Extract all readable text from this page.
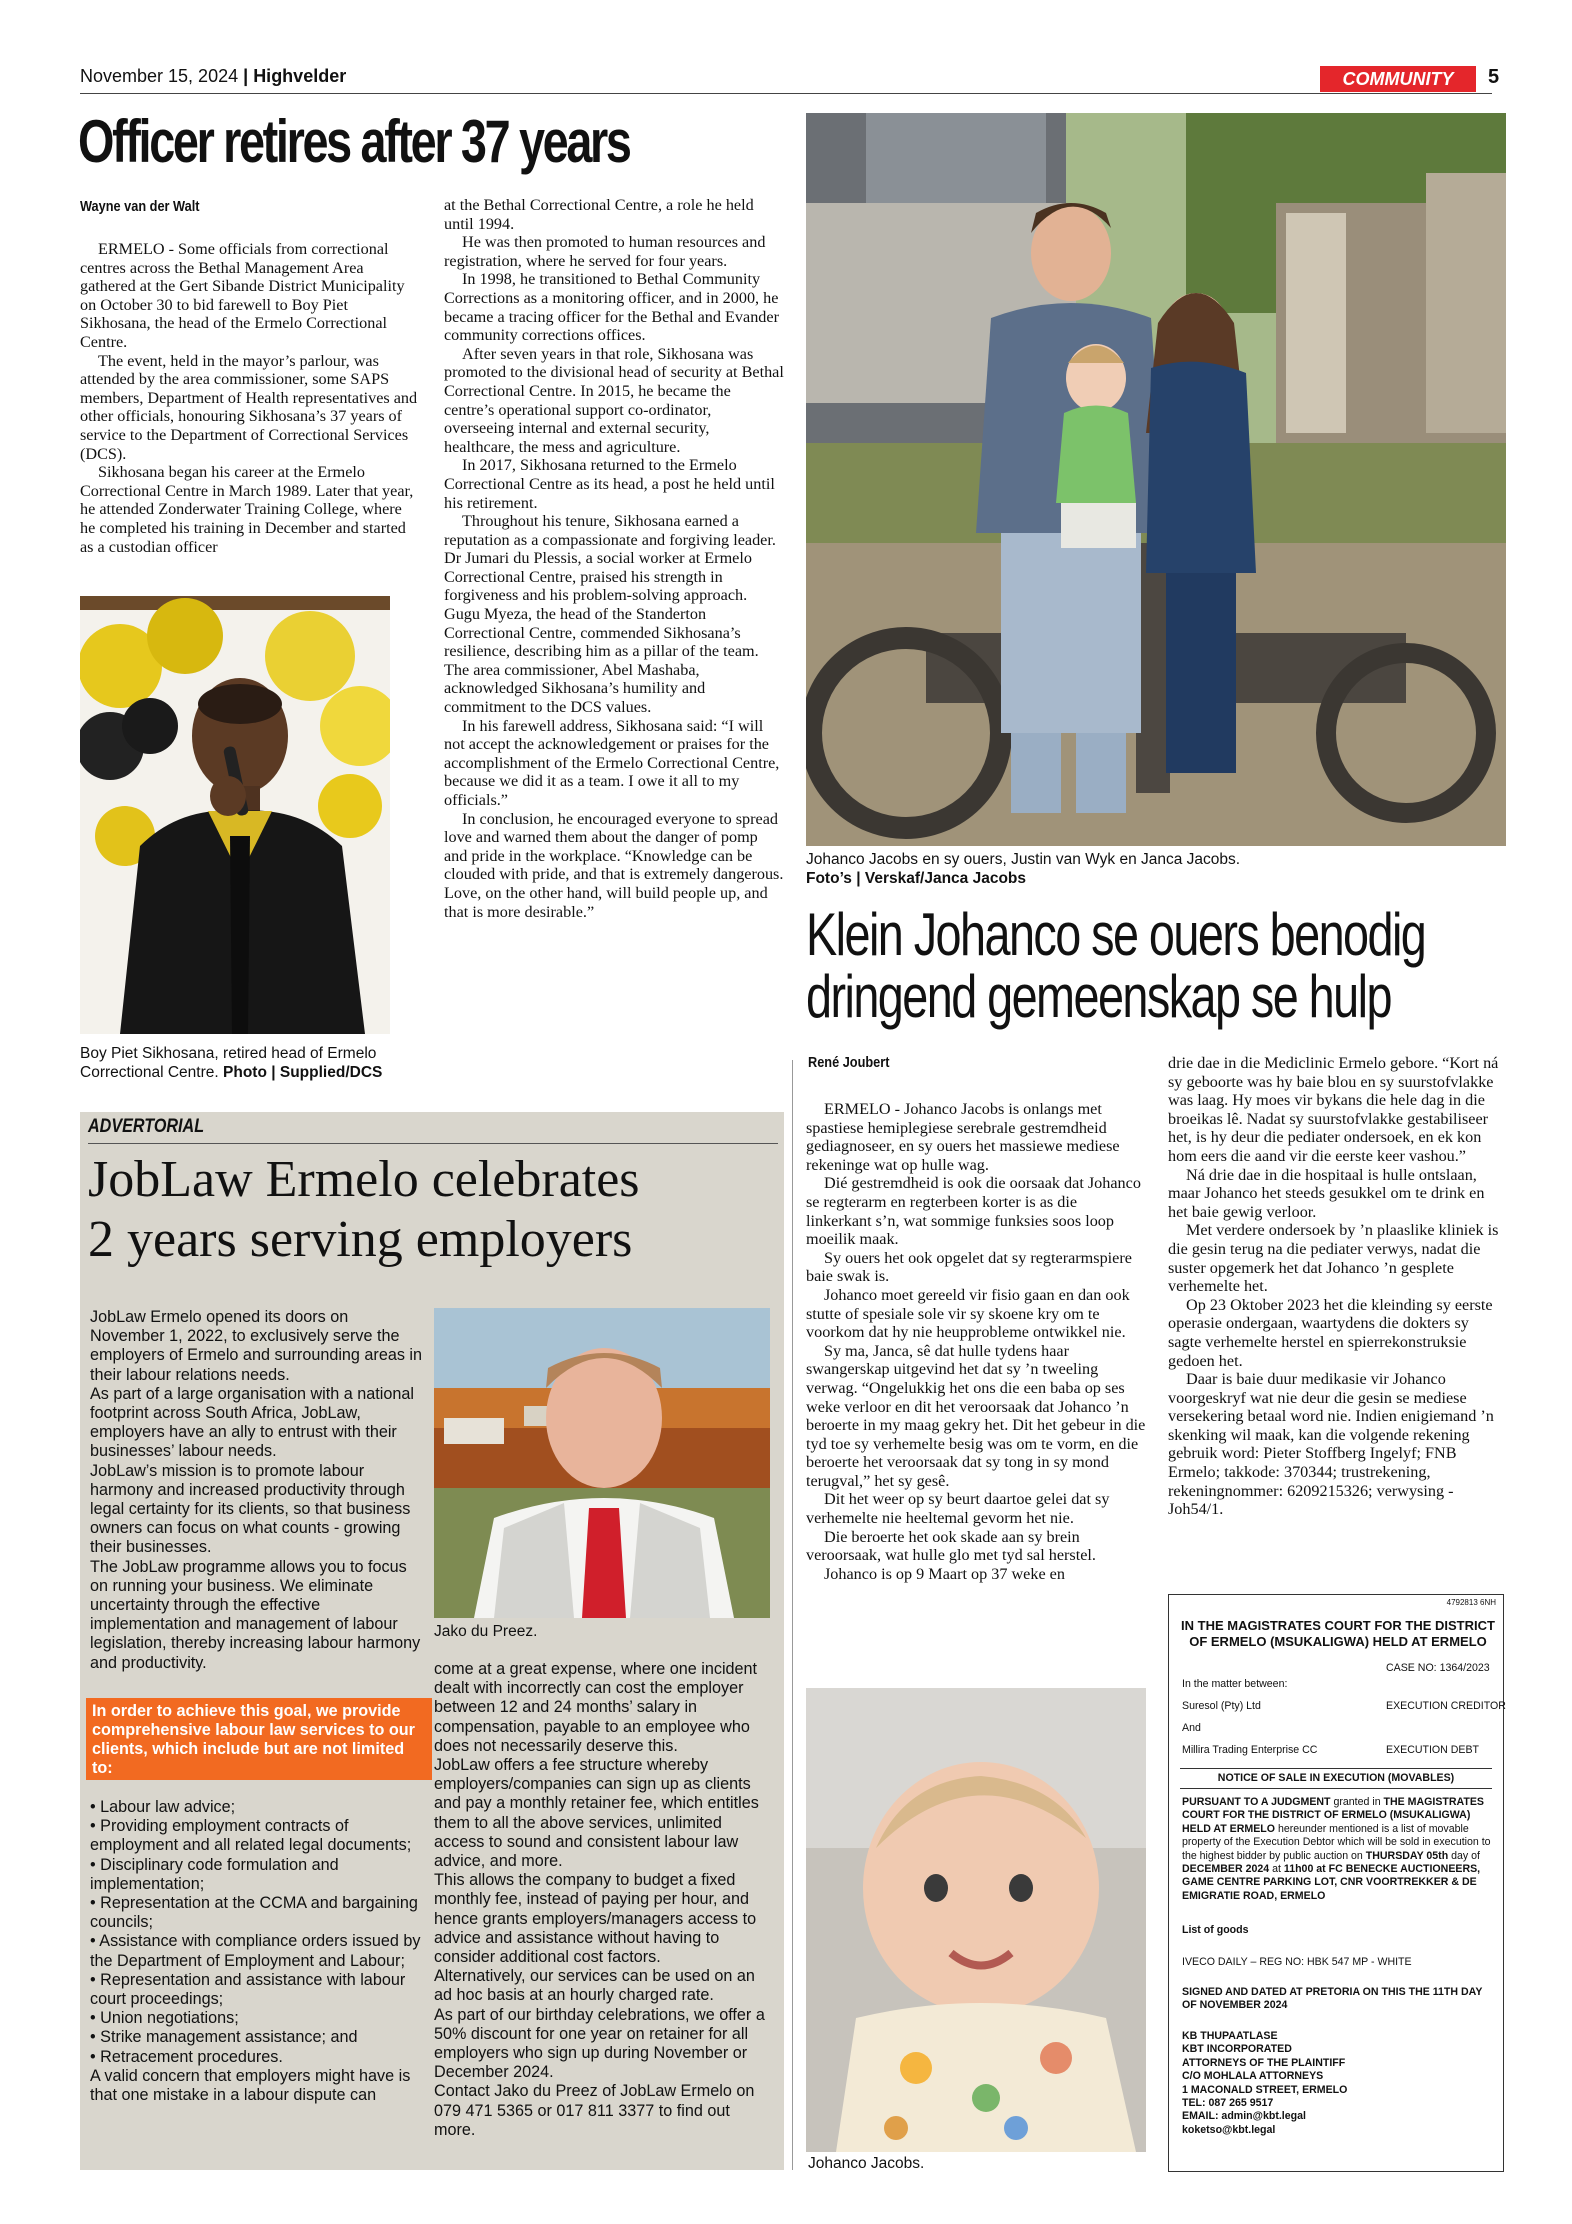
November 15, 2024 | Highvelder	COMMUNITY	5
Officer retires after 37 years
Wayne van der Walt

ERMELO - Some officials from correctional centres across the Bethal Management Area gathered at the Gert Sibande District Municipality on October 30 to bid farewell to Boy Piet Sikhosana, the head of the Ermelo Correctional Centre.

The event, held in the mayor’s parlour, was attended by the area commissioner, some SAPS members, Department of Health representatives and other officials, honouring Sikhosana’s 37 years of service to the Department of Correctional Services (DCS).

Sikhosana began his career at the Ermelo Correctional Centre in March 1989. Later that year, he attended Zonderwater Training College, where he completed his training in December and started as a custodian officer

at the Bethal Correctional Centre, a role he held until 1994.

He was then promoted to human resources and registration, where he served for four years.

In 1998, he transitioned to Bethal Community Corrections as a monitoring officer, and in 2000, he became a tracing officer for the Bethal and Evander community corrections offices.

After seven years in that role, Sikhosana was promoted to the divisional head of security at Bethal Correctional Centre. In 2015, he became the centre’s operational support co-ordinator, overseeing internal and external security, healthcare, the mess and agriculture.

In 2017, Sikhosana returned to the Ermelo Correctional Centre as its head, a post he held until his retirement.

Throughout his tenure, Sikhosana earned a reputation as a compassionate and forgiving leader. Dr Jumari du Plessis, a social worker at Ermelo Correctional Centre, praised his strength in forgiveness and his problem-solving approach.

Gugu Myeza, the head of the Standerton Correctional Centre, commended Sikhosana’s resilience, describing him as a pillar of the team. The area commissioner, Abel Mashaba, acknowledged Sikhosana’s humility and commitment to the DCS values.

In his farewell address, Sikhosana said: “I will not accept the acknowledgement or praises for the accomplishment of the Ermelo Correctional Centre, because we did it as a team. I owe it all to my officials.”

In conclusion, he encouraged everyone to spread love and warned them about the danger of pomp and pride in the workplace. “Knowledge can be clouded with pride, and that is extremely dangerous. Love, on the other hand, will build people up, and that is more desirable.”

Boy Piet Sikhosana, retired head of Ermelo Correctional Centre. Photo | Supplied/DCS
Johanco Jacobs en sy ouers, Justin van Wyk en Janca Jacobs.
Foto’s | Verskaf/Janca Jacobs
Klein Johanco se ouers benodig
dringend gemeenskap se hulp
René Joubert

ERMELO - Johanco Jacobs is onlangs met spastiese hemiplegiese serebrale gestremdheid gediagnoseer, en sy ouers het massiewe mediese rekeninge wat op hulle wag.

Dié gestremdheid is ook die oorsaak dat Johanco se regterarm en regterbeen korter is as die linkerkant s’n, wat sommige funksies soos loop moeilik maak.

Sy ouers het ook opgelet dat sy regterarmspiere baie swak is.

Johanco moet gereeld vir fisio gaan en dan ook stutte of spesiale sole vir sy skoene kry om te voorkom dat hy nie heupprobleme ontwikkel nie.

Sy ma, Janca, sê dat hulle tydens haar swangerskap uitgevind het dat sy ’n tweeling verwag. “Ongelukkig het ons die een baba op ses weke verloor en dit het veroorsaak dat Johanco ’n beroerte in my maag gekry het. Dit het gebeur in die tyd toe sy verhemelte besig was om te vorm, en die beroerte het veroorsaak dat sy tong in sy mond terugval,” het sy gesê.

Dit het weer op sy beurt daartoe gelei dat sy verhemelte nie heeltemal gevorm het nie.

Die beroerte het ook skade aan sy brein veroorsaak, wat hulle glo met tyd sal herstel.

Johanco is op 9 Maart op 37 weke en

drie dae in die Mediclinic Ermelo gebore. “Kort ná sy geboorte was hy baie blou en sy suurstofvlakke was laag. Hy moes vir bykans die hele dag in die broeikas lê. Nadat sy suurstofvlakke gestabiliseer het, is hy deur die pediater ondersoek, en ek kon hom eers die aand vir die eerste keer vashou.”

Ná drie dae in die hospitaal is hulle ontslaan, maar Johanco het steeds gesukkel om te drink en het baie gewig verloor.

Met verdere ondersoek by ’n plaaslike kliniek is die gesin terug na die pediater verwys, nadat die suster opgemerk het dat Johanco ’n gesplete verhemelte het.

Op 23 Oktober 2023 het die kleinding sy eerste operasie ondergaan, waartydens die dokters sy sagte verhemelte herstel en spierrekonstruksie gedoen het.

Daar is baie duur medikasie vir Johanco voorgeskryf wat nie deur die gesin se mediese versekering betaal word nie. Indien enigiemand ’n skenking wil maak, kan die volgende rekening gebruik word: Pieter Stoffberg Ingelyf; FNB Ermelo; takkode: 370344; trustrekening, rekeningnommer: 6209215326; verwysing - Joh54/1.

Johanco Jacobs.
ADVERTORIAL
JobLaw Ermelo celebrates
2 years serving employers

JobLaw Ermelo opened its doors on November 1, 2022, to exclusively serve the employers of Ermelo and surrounding areas in their labour relations needs.

As part of a large organisation with a national footprint across South Africa, JobLaw, employers have an ally to entrust with their businesses’ labour needs.

JobLaw’s mission is to promote labour harmony and increased productivity through legal certainty for its clients, so that business owners can focus on what counts - growing their businesses.

The JobLaw programme allows you to focus on running your business. We eliminate uncertainty through the effective implementation and management of labour legislation, thereby increasing labour harmony and productivity.

In order to achieve this goal, we provide comprehensive labour law services to our clients, which include but are not limited to:
• Labour law advice;
• Providing employment contracts of employment and all related legal documents;
• Disciplinary code formulation and implementation;
• Representation at the CCMA and bargaining councils;
• Assistance with compliance orders issued by the Department of Employment and Labour;
• Representation and assistance with labour court proceedings;
• Union negotiations;
• Strike management assistance; and
• Retracement procedures.
A valid concern that employers might have is that one mistake in a labour dispute can
Jako du Preez.

come at a great expense, where one incident dealt with incorrectly can cost the employer between 12 and 24 months’ salary in compensation, payable to an employee who does not necessarily deserve this.

JobLaw offers a fee structure whereby employers/companies can sign up as clients and pay a monthly retainer fee, which entitles them to all the above services, unlimited access to sound and consistent labour law advice, and more.

This allows the company to budget a fixed monthly fee, instead of paying per hour, and hence grants employers/managers access to advice and assistance without having to consider additional cost factors.

Alternatively, our services can be used on an ad hoc basis at an hourly charged rate.

As part of our birthday celebrations, we offer a 50% discount for one year on retainer for all employers who sign up during November or December 2024.

Contact Jako du Preez of JobLaw Ermelo on 079 471 5365 or 017 811 3377 to find out more.

4792813 6NH
IN THE MAGISTRATES COURT FOR THE DISTRICT OF ERMELO (MSUKALIGWA) HELD AT ERMELO
CASE NO: 1364/2023
In the matter between:
Suresol (Pty) Ltd	EXECUTION CREDITOR
And
Millira Trading Enterprise CC	EXECUTION DEBT
NOTICE OF SALE IN EXECUTION (MOVABLES)
PURSUANT TO A JUDGMENT granted in THE MAGISTRATES COURT FOR THE DISTRICT OF ERMELO (MSUKALIGWA) HELD AT ERMELO hereunder mentioned is a list of movable property of the Execution Debtor which will be sold in execution to the highest bidder by public auction on THURSDAY 05th day of DECEMBER 2024 at 11h00 at FC BENECKE AUCTIONEERS, GAME CENTRE PARKING LOT, CNR VOORTREKKER & DE EMIGRATIE ROAD, ERMELO
List of goods
IVECO DAILY – REG NO: HBK 547 MP - WHITE
SIGNED AND DATED AT PRETORIA ON THIS THE 11TH DAY OF NOVEMBER 2024
KB THUPAATLASE
KBT INCORPORATED
ATTORNEYS OF THE PLAINTIFF
C/O MOHLALA ATTORNEYS
1 MACONALD STREET, ERMELO
TEL: 087 265 9517
EMAIL: admin@kbt.legal
koketso@kbt.legal
